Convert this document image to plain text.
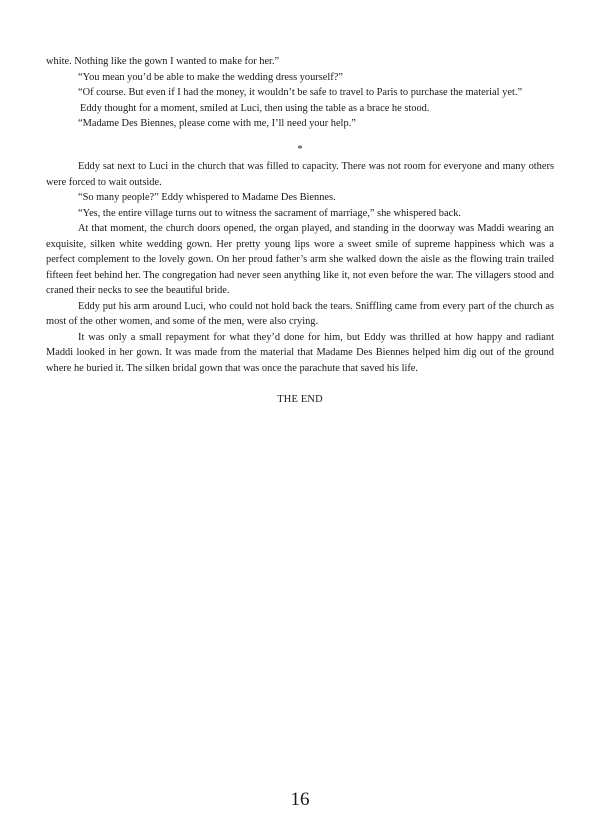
white. Nothing like the gown I wanted to make for her.”

“You mean you’d be able to make the wedding dress yourself?”

“Of course. But even if I had the money, it wouldn’t be safe to travel to Paris to purchase the material yet.”

Eddy thought for a moment, smiled at Luci, then using the table as a brace he stood.

“Madame Des Biennes, please come with me, I’ll need your help.”

*

Eddy sat next to Luci in the church that was filled to capacity. There was not room for everyone and many others were forced to wait outside.

“So many people?” Eddy whispered to Madame Des Biennes.

“Yes, the entire village turns out to witness the sacrament of marriage,” she whispered back.

At that moment, the church doors opened, the organ played, and standing in the doorway was Maddi wearing an exquisite, silken white wedding gown. Her pretty young lips wore a sweet smile of supreme happiness which was a perfect complement to the lovely gown. On her proud father’s arm she walked down the aisle as the flowing train trailed fifteen feet behind her. The congregation had never seen anything like it, not even before the war. The villagers stood and craned their necks to see the beautiful bride.

Eddy put his arm around Luci, who could not hold back the tears. Sniffling came from every part of the church as most of the other women, and some of the men, were also crying.

It was only a small repayment for what they’d done for him, but Eddy was thrilled at how happy and radiant Maddi looked in her gown. It was made from the material that Madame Des Biennes helped him dig out of the ground where he buried it. The silken bridal gown that was once the parachute that saved his life.

THE END
16
